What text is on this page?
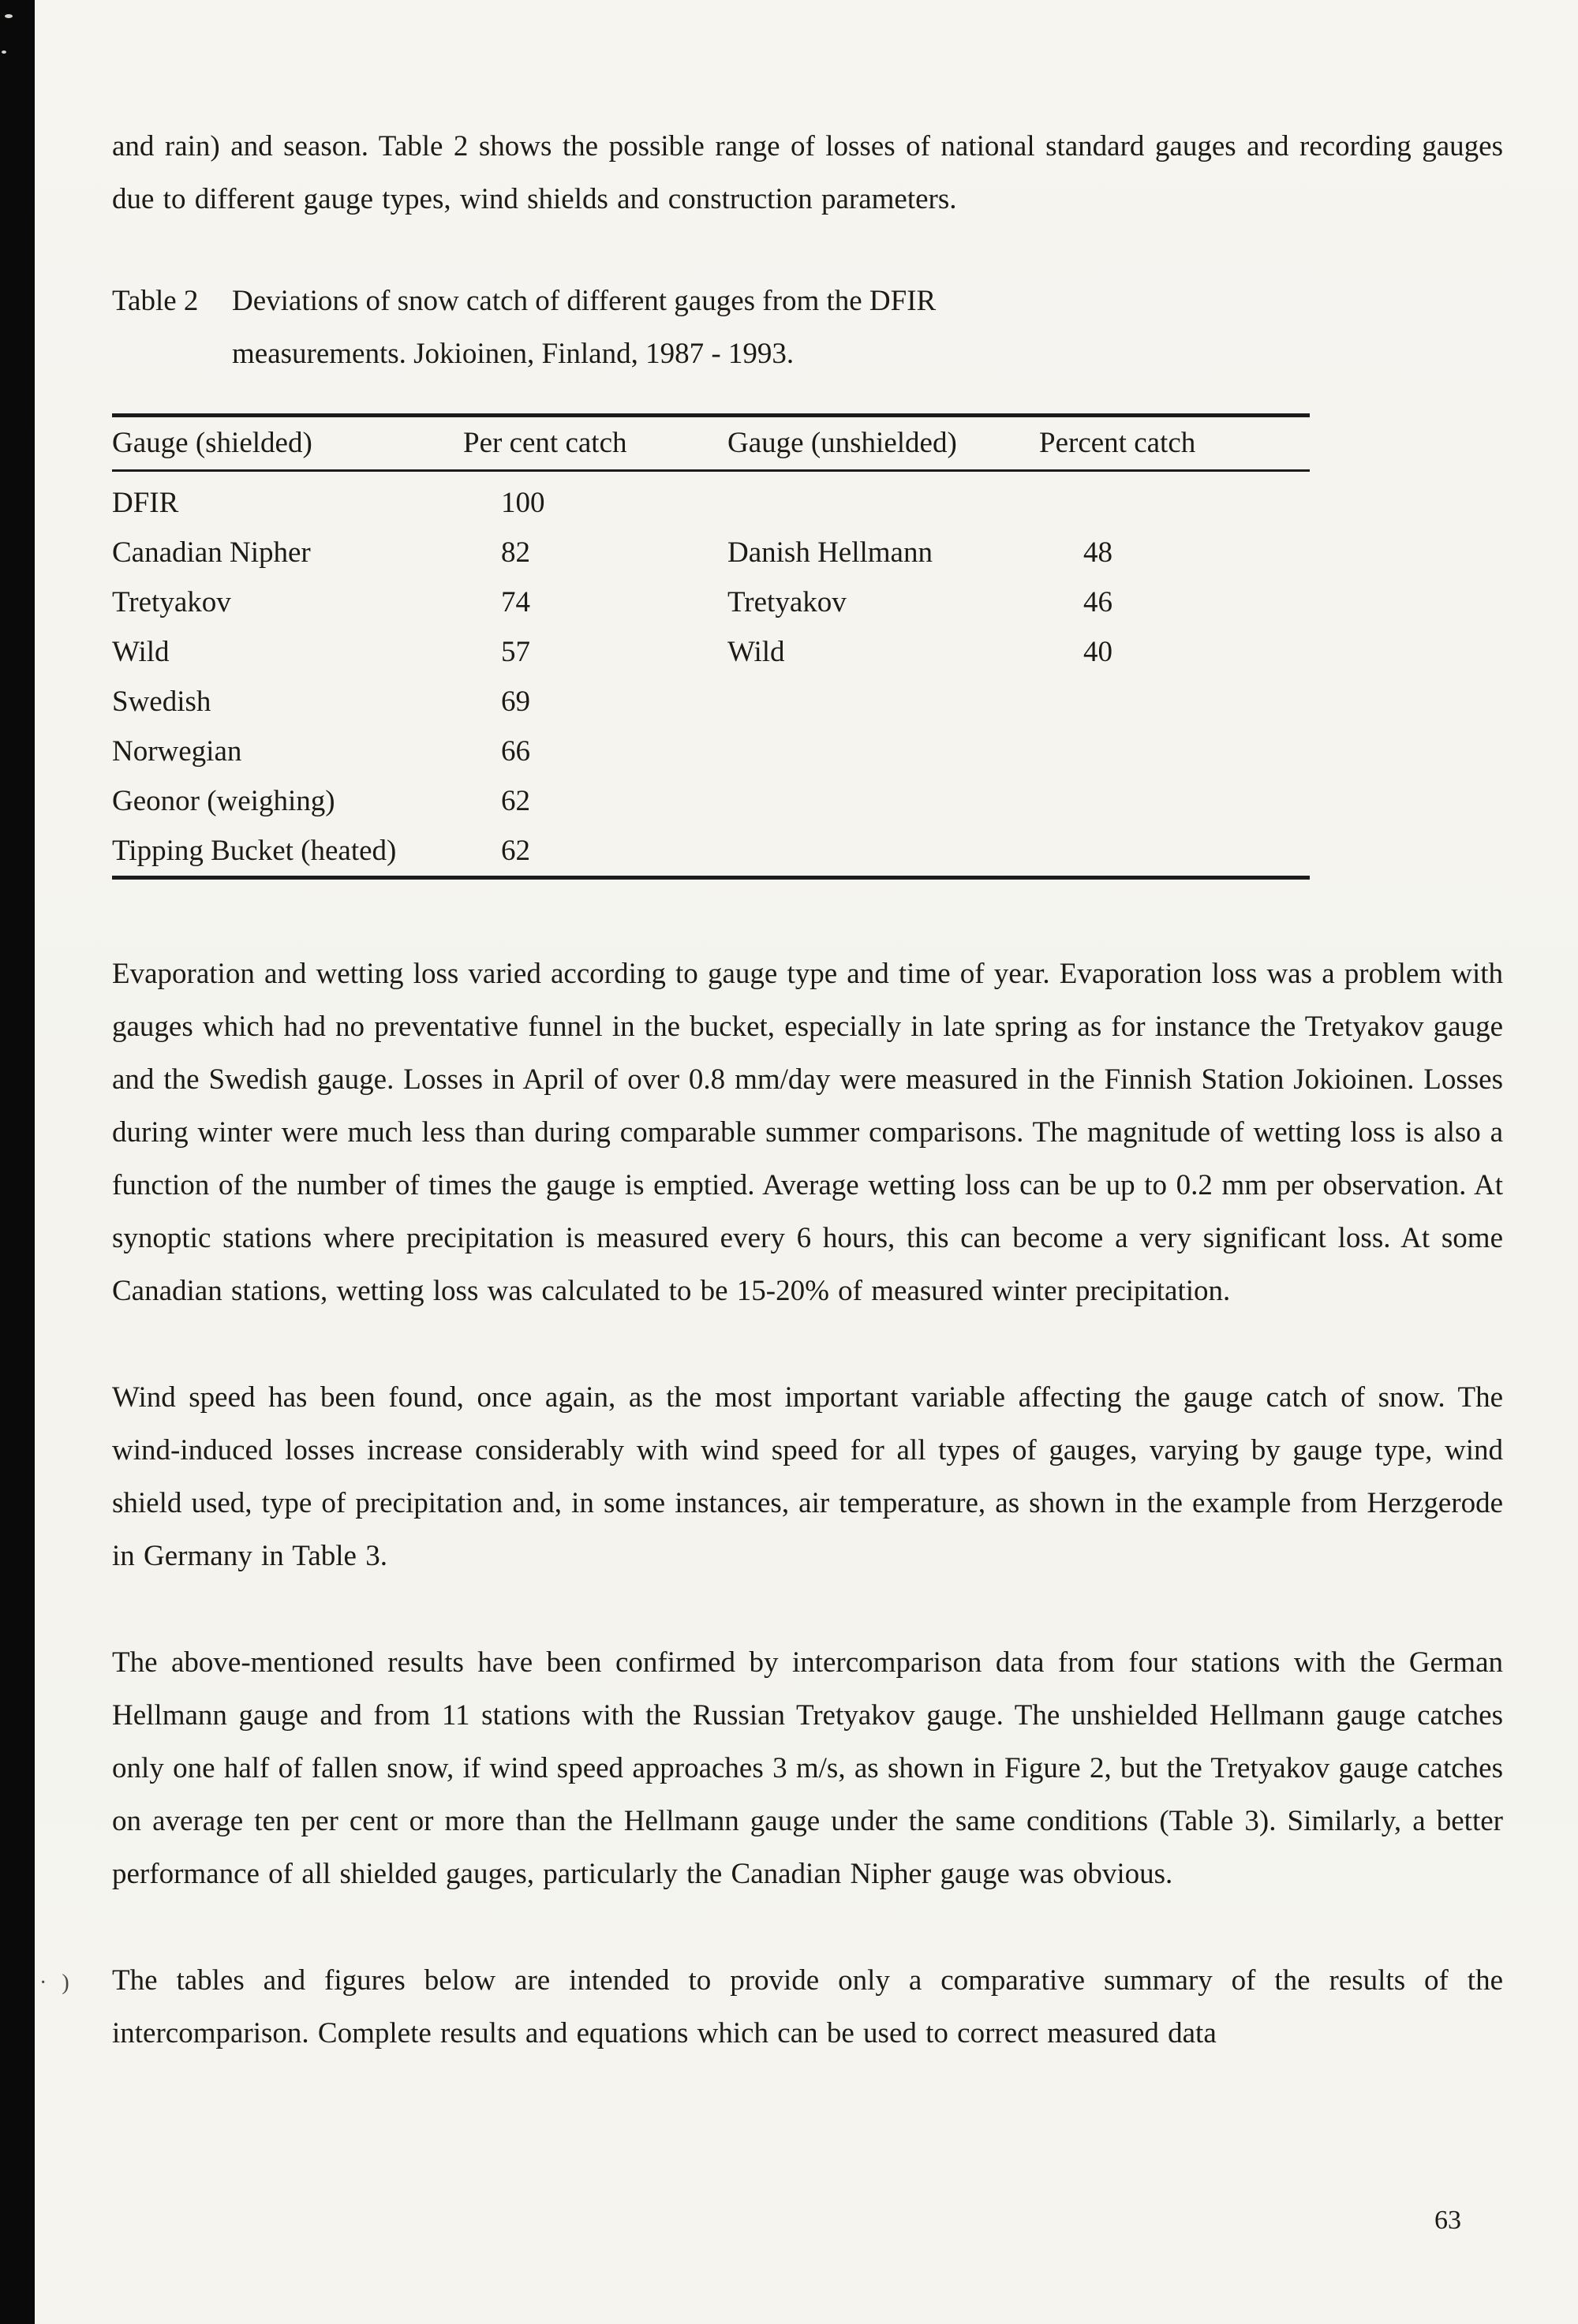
and rain) and season. Table 2 shows the possible range of losses of national standard gauges and recording gauges due to different gauge types, wind shields and construction parameters.

Table 2 Deviations of snow catch of different gauges from the DFIR
measurements. Jokioinen, Finland, 1987 - 1993.
Gauge (shielded)	Per cent catch	Gauge (unshielded)	Percent catch
DFIR	100		
Canadian Nipher	82	Danish Hellmann	48
Tretyakov	74	Tretyakov	46
Wild	57	Wild	40
Swedish	69		
Norwegian	66		
Geonor (weighing)	62		
Tipping Bucket (heated)	62		

Evaporation and wetting loss varied according to gauge type and time of year. Evaporation loss was a problem with gauges which had no preventative funnel in the bucket, especially in late spring as for instance the Tretyakov gauge and the Swedish gauge. Losses in April of over 0.8 mm/day were measured in the Finnish Station Jokioinen. Losses during winter were much less than during comparable summer comparisons. The magnitude of wetting loss is also a function of the number of times the gauge is emptied. Average wetting loss can be up to 0.2 mm per observation. At synoptic stations where precipitation is measured every 6 hours, this can become a very significant loss. At some Canadian stations, wetting loss was calculated to be 15-20% of measured winter precipitation.

Wind speed has been found, once again, as the most important variable affecting the gauge catch of snow. The wind-induced losses increase considerably with wind speed for all types of gauges, varying by gauge type, wind shield used, type of precipitation and, in some instances, air temperature, as shown in the example from Herzgerode in Germany in Table 3.

The above-mentioned results have been confirmed by intercomparison data from four stations with the German Hellmann gauge and from 11 stations with the Russian Tretyakov gauge. The unshielded Hellmann gauge catches only one half of fallen snow, if wind speed approaches 3 m/s, as shown in Figure 2, but the Tretyakov gauge catches on average ten per cent or more than the Hellmann gauge under the same conditions (Table 3). Similarly, a better performance of all shielded gauges, particularly the Canadian Nipher gauge was obvious.

The tables and figures below are intended to provide only a comparative summary of the results of the intercomparison. Complete results and equations which can be used to correct measured data

· )
63
